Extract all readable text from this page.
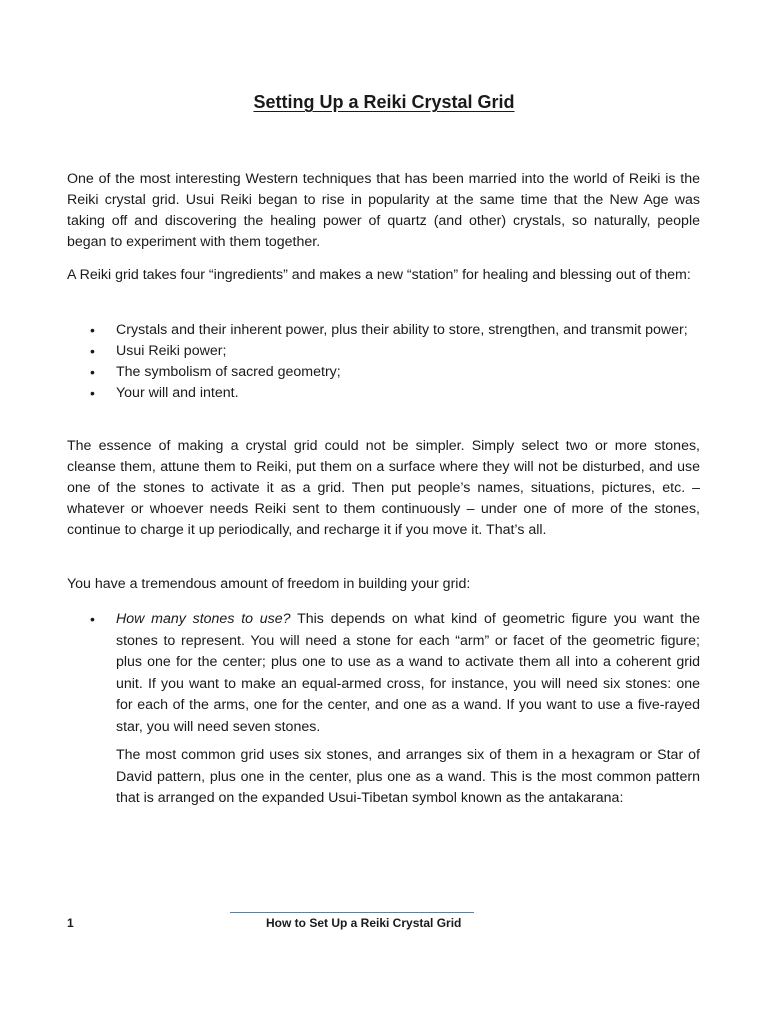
Setting Up a Reiki Crystal Grid

One of the most interesting Western techniques that has been married into the world of Reiki is the Reiki crystal grid. Usui Reiki began to rise in popularity at the same time that the New Age was taking off and discovering the healing power of quartz (and other) crystals, so naturally, people began to experiment with them together.

A Reiki grid takes four “ingredients” and makes a new “station” for healing and blessing out of them:

• Crystals and their inherent power, plus their ability to store, strengthen, and transmit power;
• Usui Reiki power;
• The symbolism of sacred geometry;
• Your will and intent.

The essence of making a crystal grid could not be simpler. Simply select two or more stones, cleanse them, attune them to Reiki, put them on a surface where they will not be disturbed, and use one of the stones to activate it as a grid. Then put people’s names, situations, pictures, etc. – whatever or whoever needs Reiki sent to them continuously – under one of more of the stones, continue to charge it up periodically, and recharge it if you move it. That’s all.

You have a tremendous amount of freedom in building your grid:

• How many stones to use? This depends on what kind of geometric figure you want the stones to represent. You will need a stone for each “arm” or facet of the geometric figure; plus one for the center; plus one to use as a wand to activate them all into a coherent grid unit. If you want to make an equal-armed cross, for instance, you will need six stones: one for each of the arms, one for the center, and one as a wand. If you want to use a five-rayed star, you will need seven stones.

The most common grid uses six stones, and arranges six of them in a hexagram or Star of David pattern, plus one in the center, plus one as a wand. This is the most common pattern that is arranged on the expanded Usui-Tibetan symbol known as the antakarana:

1	How to Set Up a Reiki Crystal Grid
